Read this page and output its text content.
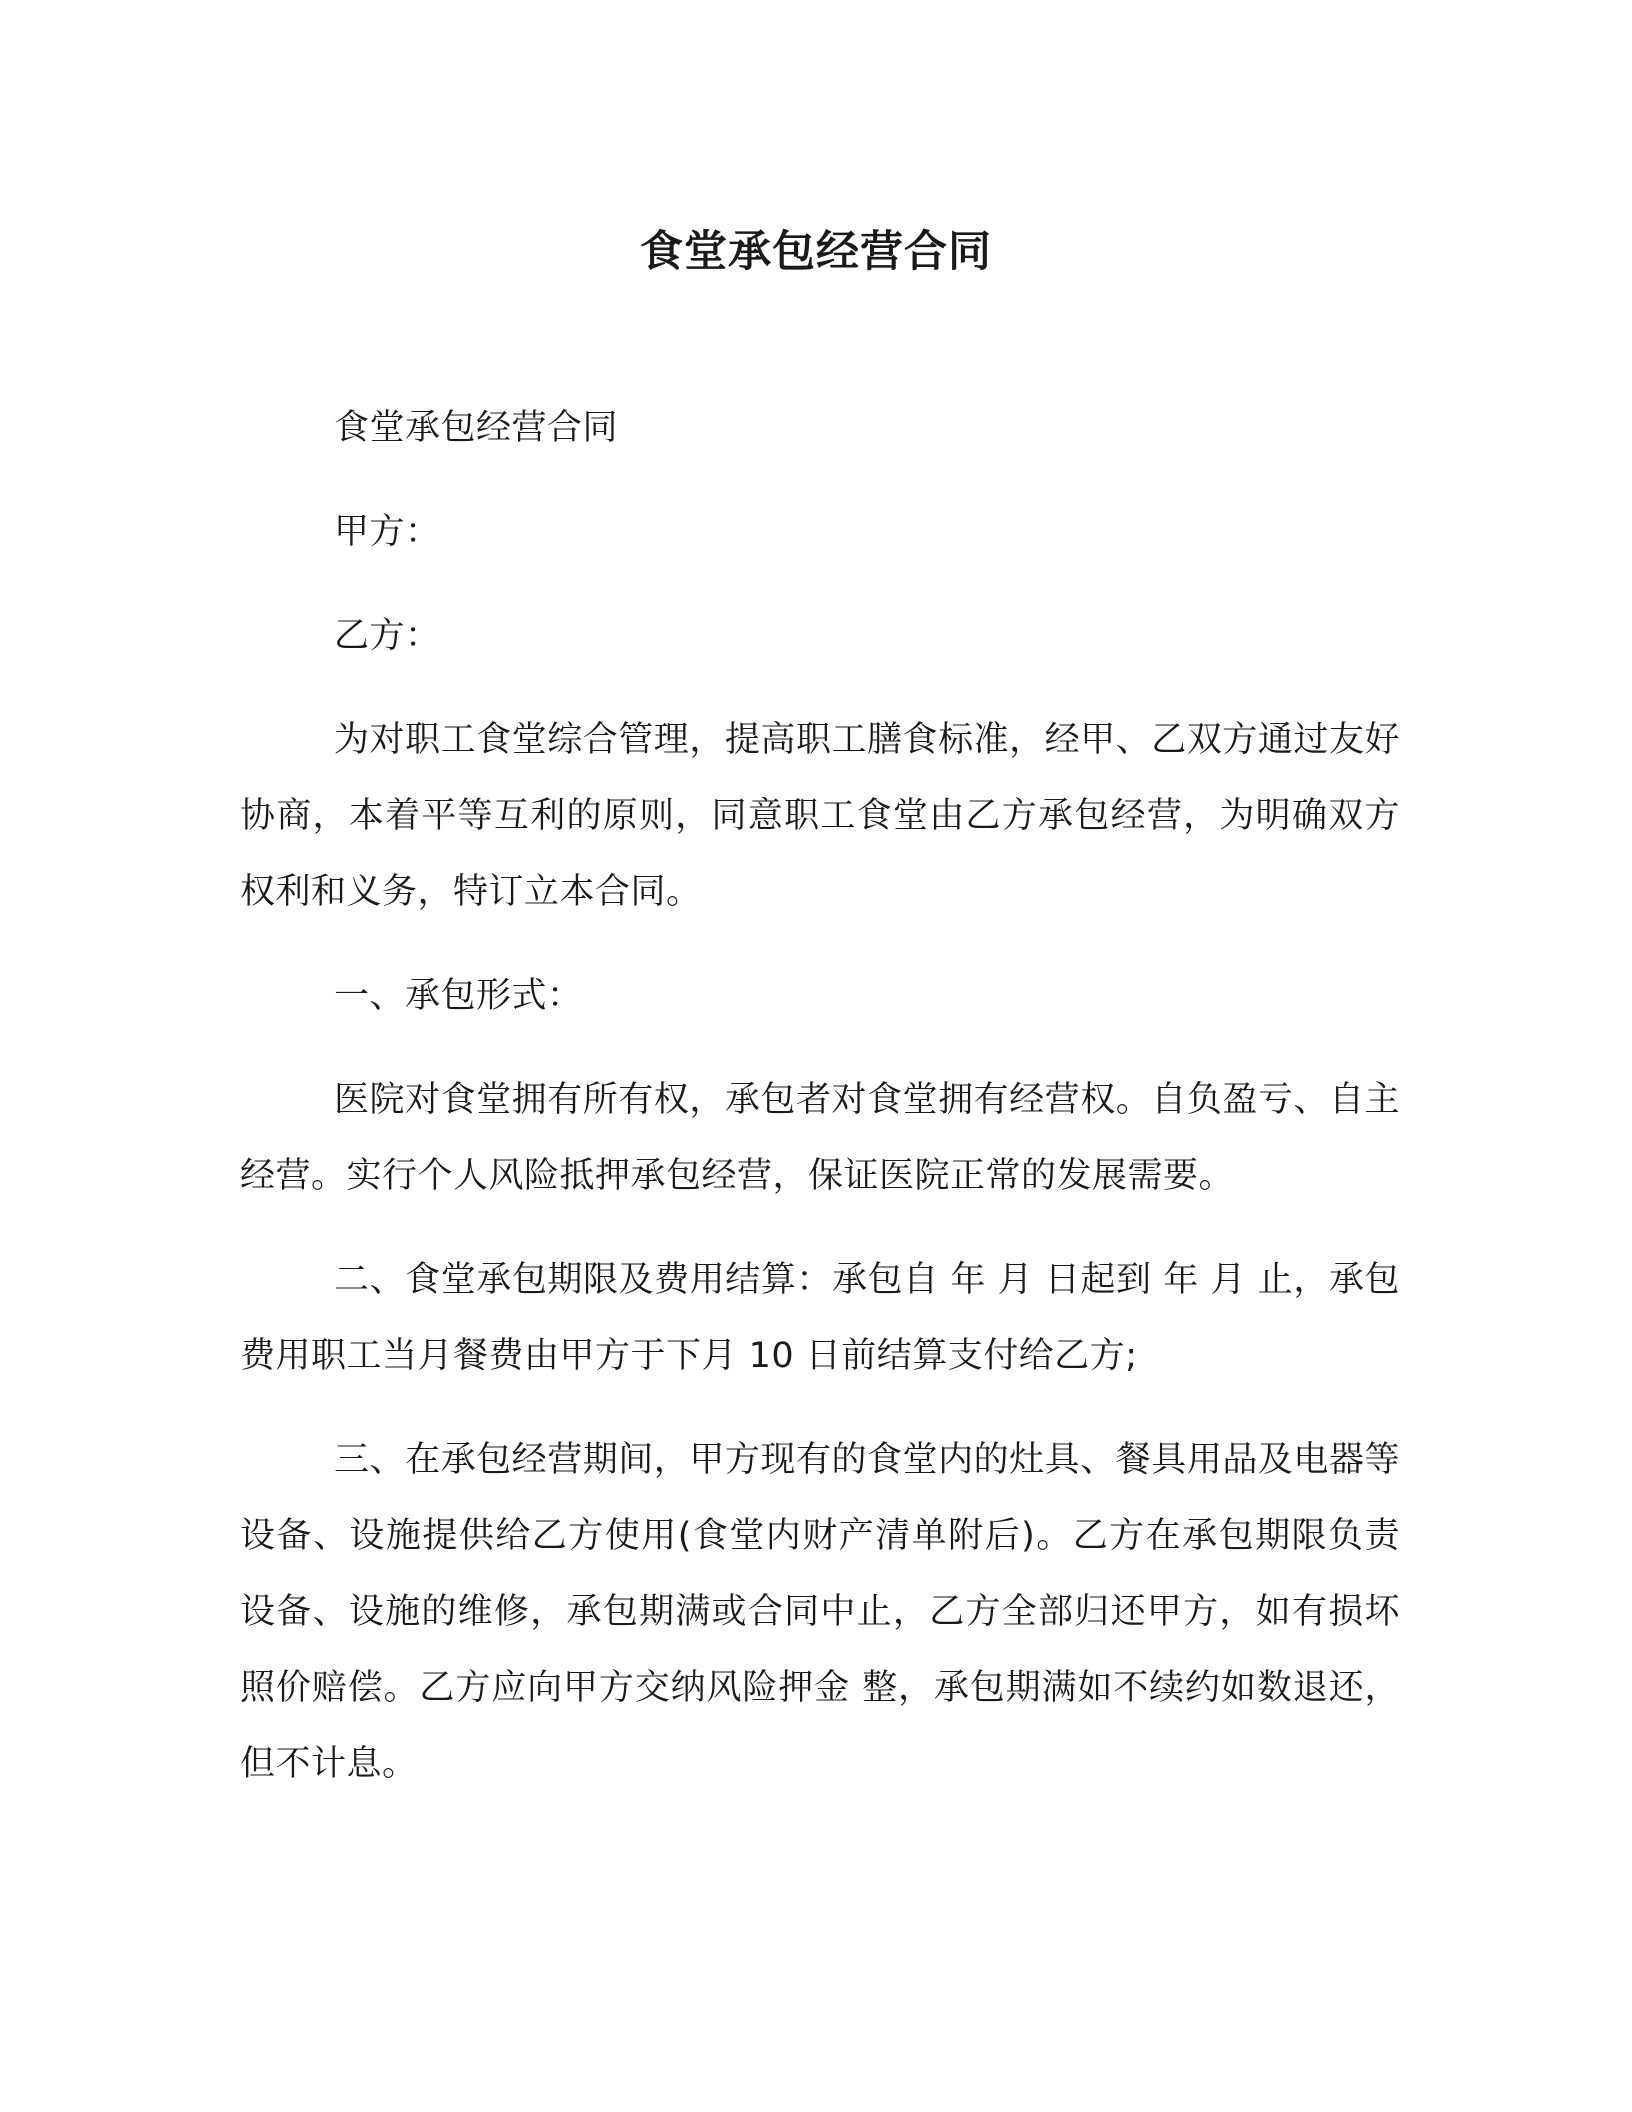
食堂承包经营合同

食堂承包经营合同

甲方：

乙方：

为对职工食堂综合管理，提高职工膳食标准，经甲、乙双方通过友好协商，本着平等互利的原则，同意职工食堂由乙方承包经营，为明确双方权利和义务，特订立本合同。

一、承包形式：

医院对食堂拥有所有权，承包者对食堂拥有经营权。自负盈亏、自主经营。实行个人风险抵押承包经营，保证医院正常的发展需要。

二、食堂承包期限及费用结算：承包自 年 月 日起到 年 月 止，承包费用职工当月餐费由甲方于下月 10 日前结算支付给乙方;

三、在承包经营期间，甲方现有的食堂内的灶具、餐具用品及电器等设备、设施提供给乙方使用(食堂内财产清单附后)。乙方在承包期限负责设备、设施的维修，承包期满或合同中止，乙方全部归还甲方，如有损坏照价赔偿。乙方应向甲方交纳风险押金 整，承包期满如不续约如数退还，但不计息。
